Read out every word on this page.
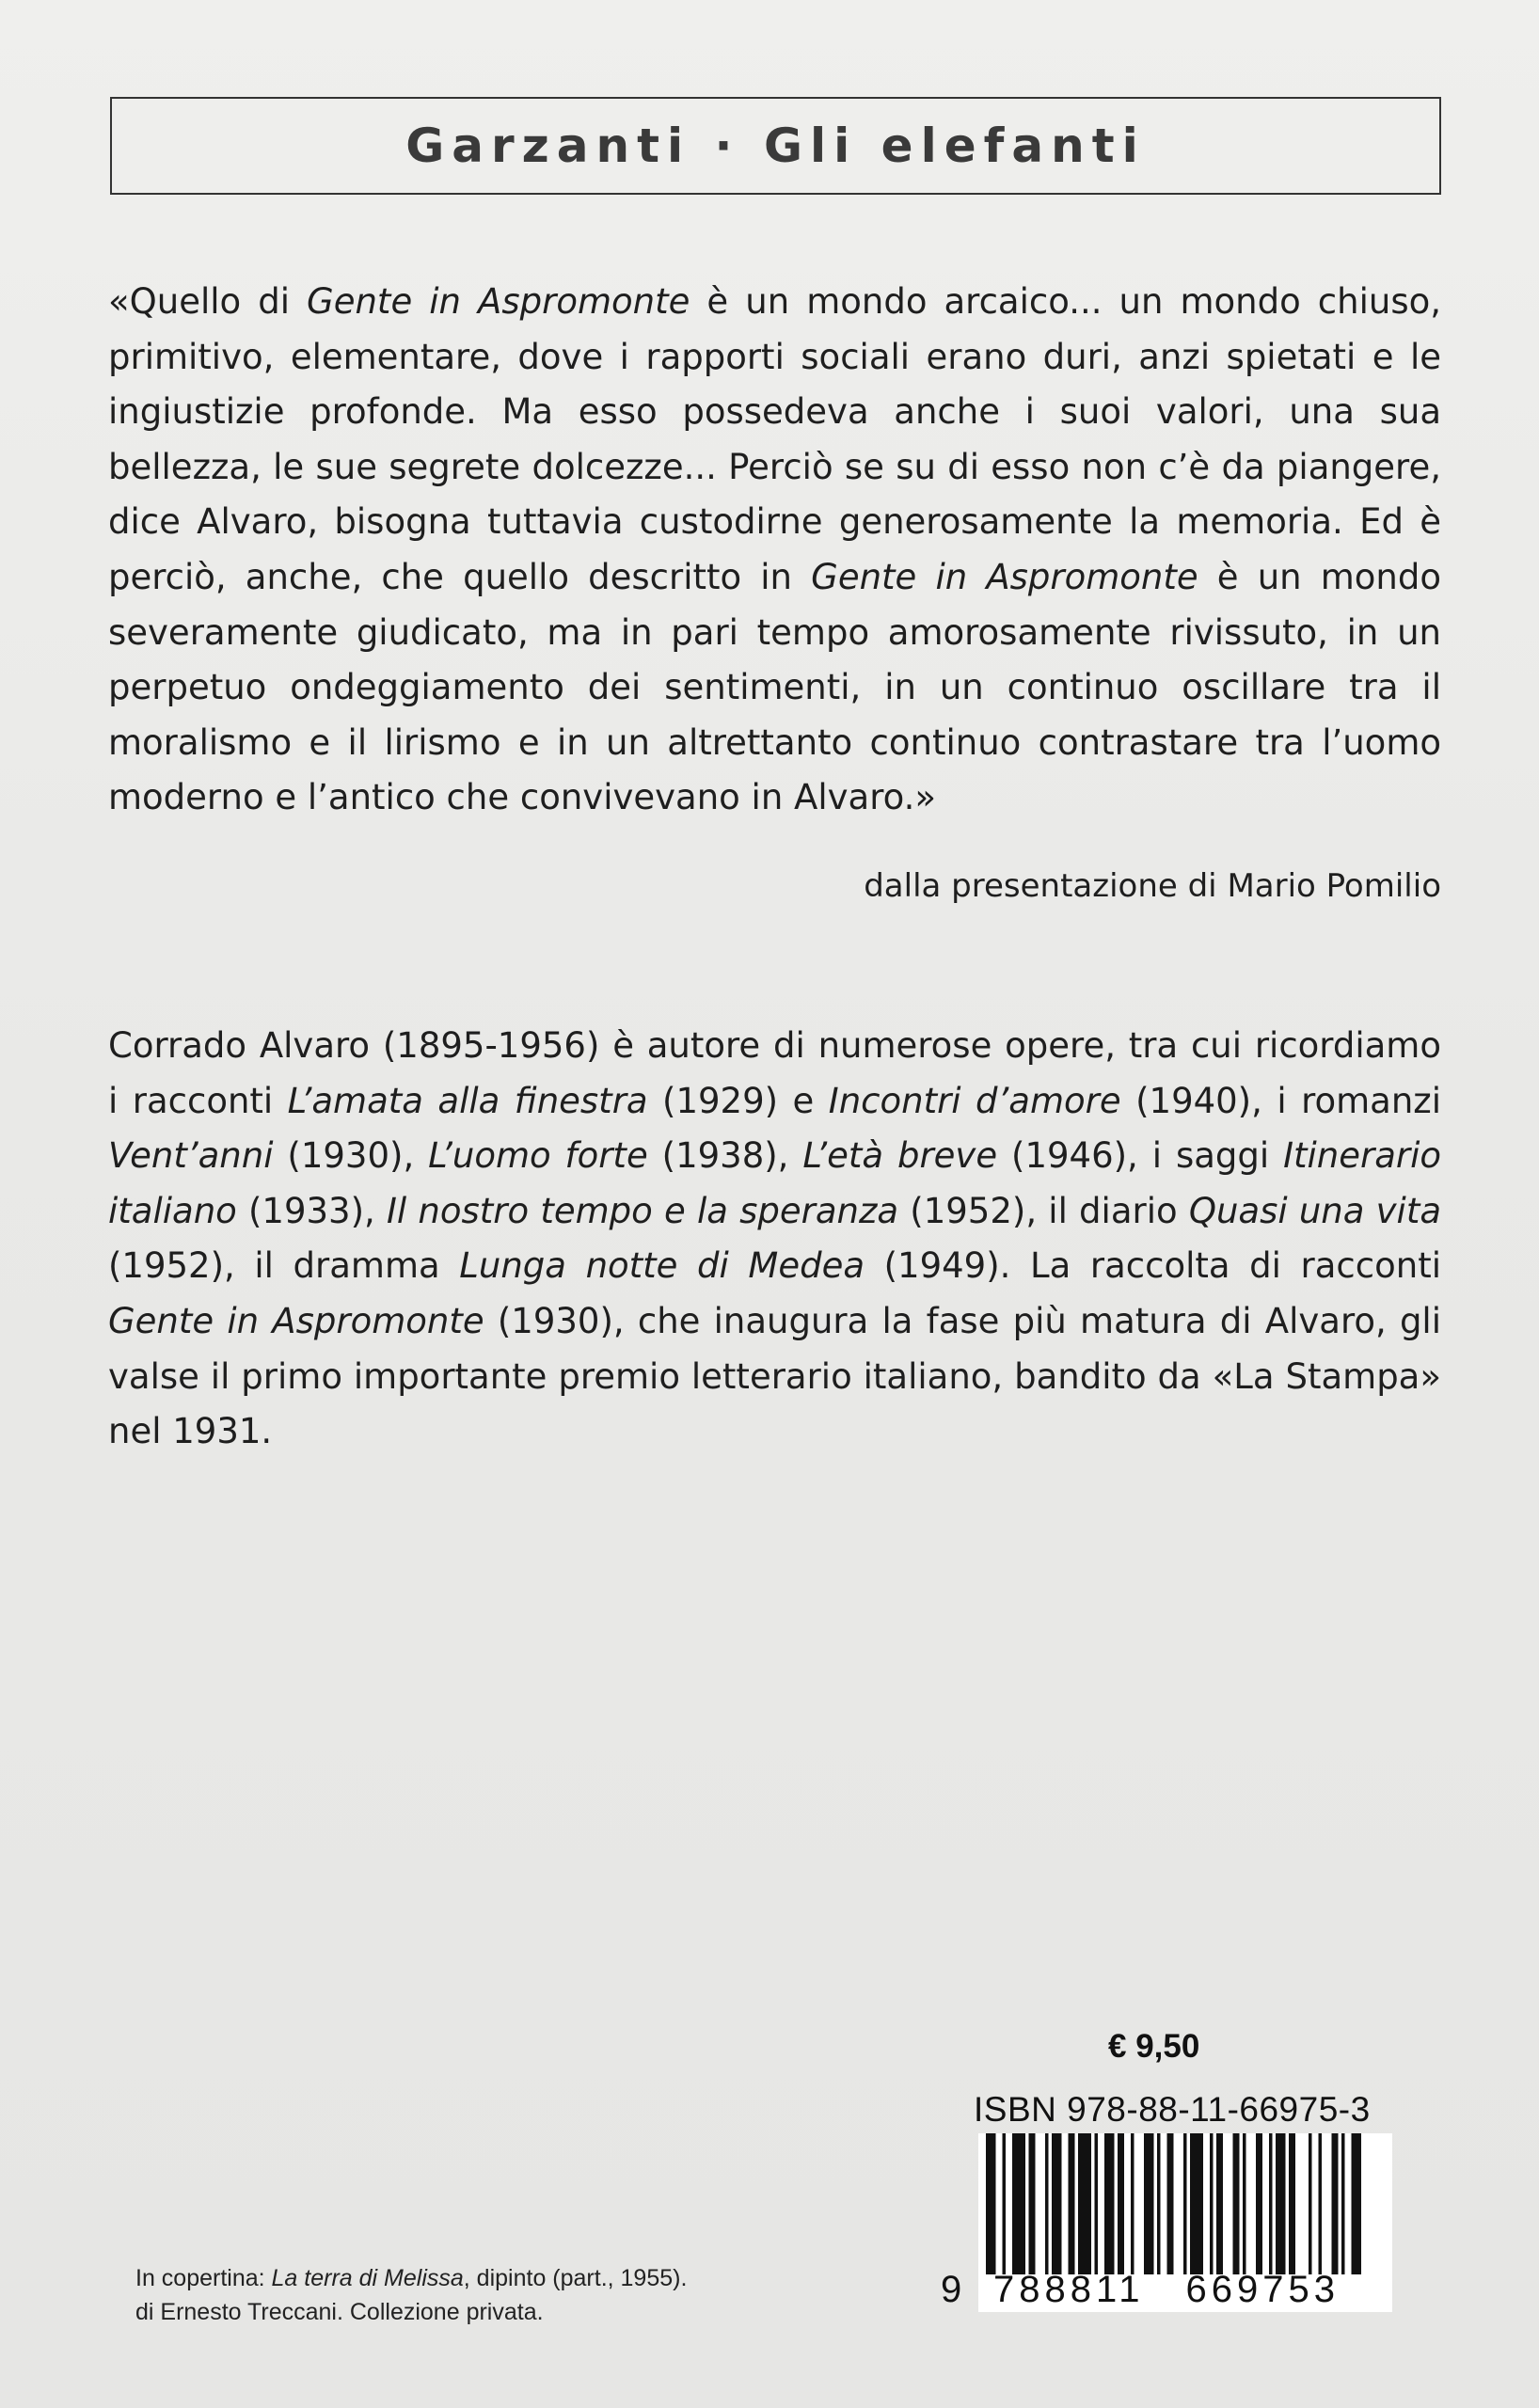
Garzanti · Gli elefanti

«Quello di Gente in Aspromonte è un mondo arcaico... un mondo chiuso, primitivo, elementare, dove i rapporti sociali erano duri, anzi spietati e le ingiustizie profonde. Ma esso possedeva anche i suoi valori, una sua bellezza, le sue segrete dolcezze... Perciò se su di esso non c’è da piangere, dice Alvaro, bisogna tuttavia custodirne generosamente la memoria. Ed è perciò, anche, che quello descritto in Gente in Aspromonte è un mondo severamente giudicato, ma in pari tempo amorosamente rivissuto, in un perpetuo ondeggiamento dei sentimenti, in un continuo oscillare tra il moralismo e il lirismo e in un altrettanto continuo contrastare tra l’uomo moderno e l’antico che convivevano in Alvaro.»

dalla presentazione di Mario Pomilio

Corrado Alvaro (1895-1956) è autore di numerose opere, tra cui ricordiamo i racconti L’amata alla finestra (1929) e Incontri d’amore (1940), i romanzi Vent’anni (1930), L’uomo forte (1938), L’età breve (1946), i saggi Itinerario italiano (1933), Il nostro tempo e la speranza (1952), il diario Quasi una vita (1952), il dramma Lunga notte di Medea (1949). La raccolta di racconti Gente in Aspromonte (1930), che inaugura la fase più matura di Alvaro, gli valse il primo importante premio letterario italiano, bandito da «La Stampa» nel 1931.

€ 9,50
ISBN 978-88-11-66975-3
9 788811 669753

In copertina: La terra di Melissa, dipinto (part., 1955).
di Ernesto Treccani. Collezione privata.
